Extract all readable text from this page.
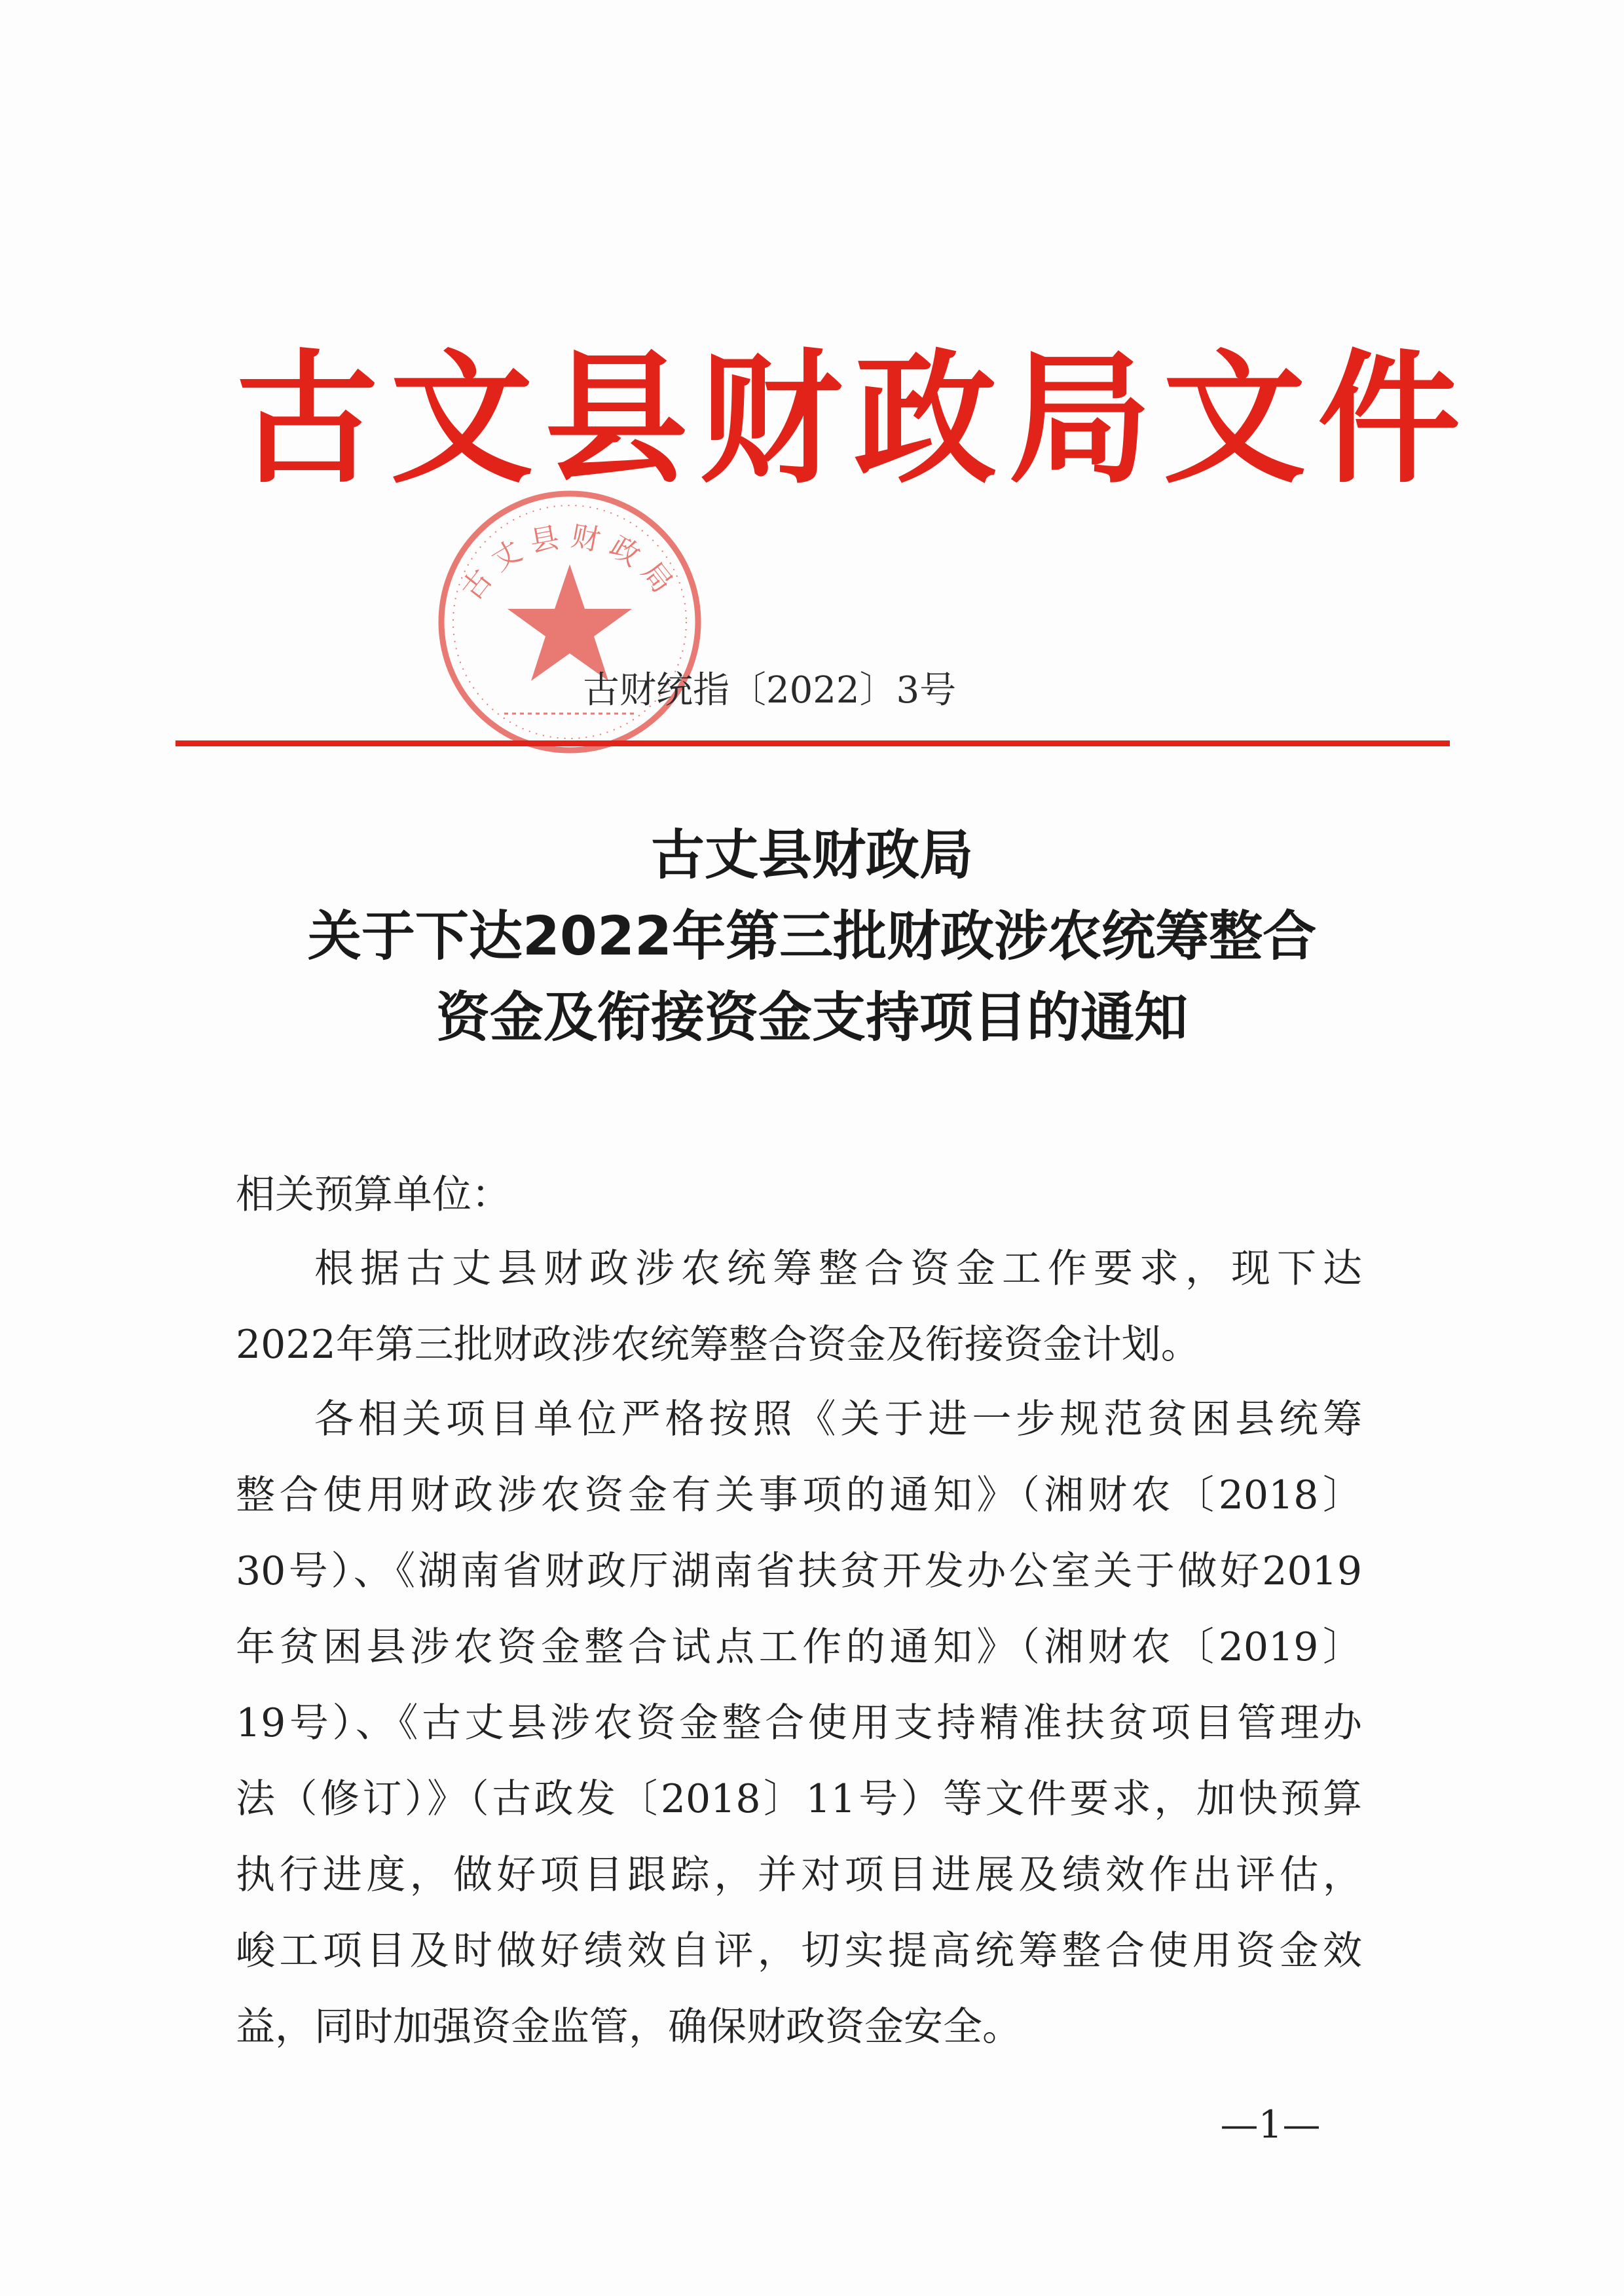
古文县财政局文件
古丈县财政局
古财统指〔2022〕3号
古丈县财政局
关于下达2022年第三批财政涉农统筹整合
资金及衔接资金支持项目的通知
相关预算单位：
根据古丈县财政涉农统筹整合资金工作要求，现下达
2022年第三批财政涉农统筹整合资金及衔接资金计划。
各相关项目单位严格按照《关于进一步规范贫困县统筹
整合使用财政涉农资金有关事项的通知》（湘财农〔2018〕
30号）、《湖南省财政厅湖南省扶贫开发办公室关于做好2019
年贫困县涉农资金整合试点工作的通知》（湘财农〔2019〕
19号）、《古丈县涉农资金整合使用支持精准扶贫项目管理办
法（修订）》（古政发〔2018〕11号）等文件要求，加快预算
执行进度，做好项目跟踪，并对项目进展及绩效作出评估，
峻工项目及时做好绩效自评，切实提高统筹整合使用资金效
益，同时加强资金监管，确保财政资金安全。
—1—
